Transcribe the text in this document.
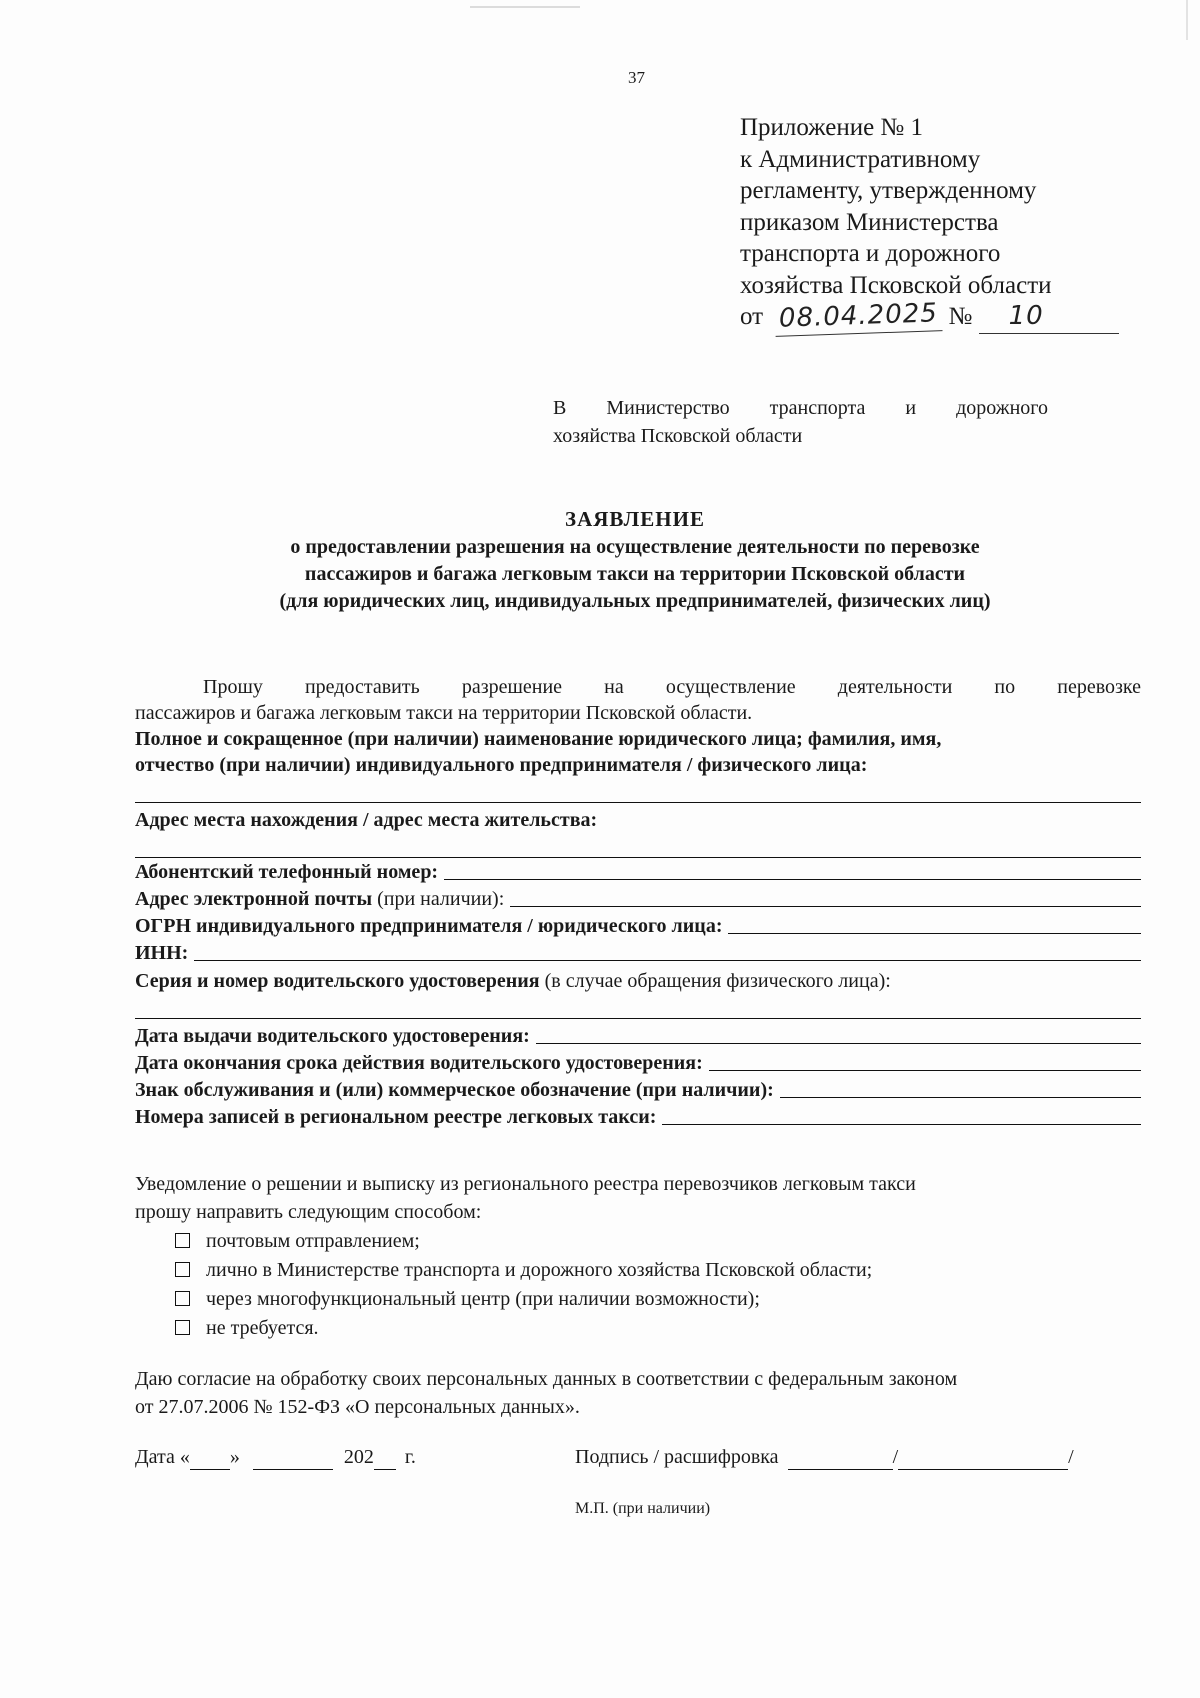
37
Приложение № 1
к Административному
регламенту, утвержденному
приказом Министерства
транспорта и дорожного
хозяйства Псковской области
от 08.04.2025 № 10
В Министерство транспорта и дорожного
хозяйства Псковской области
ЗАЯВЛЕНИЕ
о предоставлении разрешения на осуществление деятельности по перевозке
пассажиров и багажа легковым такси на территории Псковской области
(для юридических лиц, индивидуальных предпринимателей, физических лиц)
Прошу предоставить разрешение на осуществление деятельности по перевозке
пассажиров и багажа легковым такси на территории Псковской области.
Полное и сокращенное (при наличии) наименование юридического лица; фамилия, имя,
отчество (при наличии) индивидуального предпринимателя / физического лица:
Адрес места нахождения / адрес места жительства:
Абонентский телефонный номер:
Адрес электронной почты (при наличии):
ОГРН индивидуального предпринимателя / юридического лица:
ИНН:
Серия и номер водительского удостоверения (в случае обращения физического лица):
Дата выдачи водительского удостоверения:
Дата окончания срока действия водительского удостоверения:
Знак обслуживания и (или) коммерческое обозначение (при наличии):
Номера записей в региональном реестре легковых такси:
Уведомление о решении и выписку из регионального реестра перевозчиков легковым такси
прошу направить следующим способом:
почтовым отправлением;
лично в Министерстве транспорта и дорожного хозяйства Псковской области;
через многофункциональный центр (при наличии возможности);
не требуется.
Даю согласие на обработку своих персональных данных в соответствии с федеральным законом
от 27.07.2006 № 152-ФЗ «О персональных данных».
Дата « »	202 г.	Подпись / расшифровка	/	/
М.П. (при наличии)
